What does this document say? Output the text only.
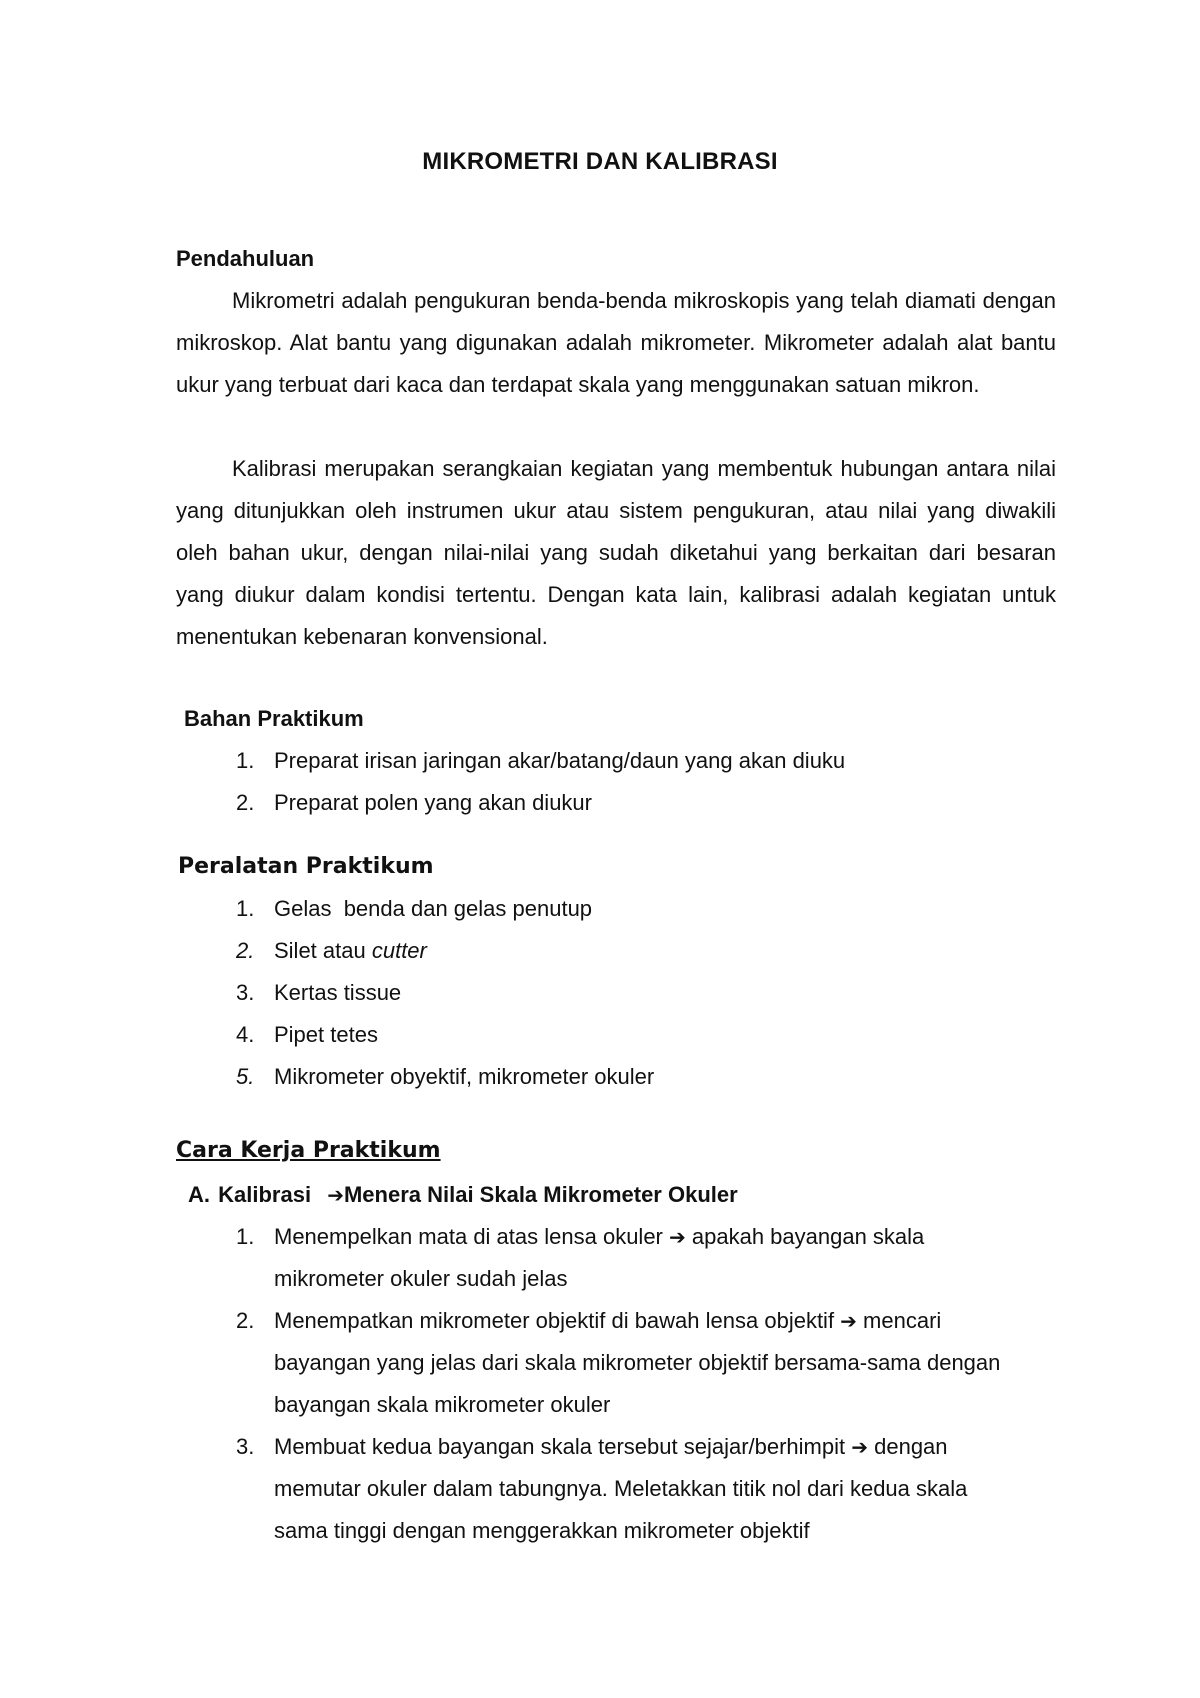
MIKROMETRI DAN KALIBRASI
Pendahuluan

Mikrometri adalah pengukuran benda-benda mikroskopis yang telah diamati dengan mikroskop. Alat bantu yang digunakan adalah mikrometer. Mikrometer adalah alat bantu ukur yang terbuat dari kaca dan terdapat skala yang menggunakan satuan mikron.

Kalibrasi merupakan serangkaian kegiatan yang membentuk hubungan antara nilai yang ditunjukkan oleh instrumen ukur atau sistem pengukuran, atau nilai yang diwakili oleh bahan ukur, dengan nilai-nilai yang sudah diketahui yang berkaitan dari besaran yang diukur dalam kondisi tertentu. Dengan kata lain, kalibrasi adalah kegiatan untuk menentukan kebenaran konvensional.

Bahan Praktikum
1. Preparat irisan jaringan akar/batang/daun yang akan diuku
2. Preparat polen yang akan diukur
Peralatan Praktikum
1. Gelas  benda dan gelas penutup
2. Silet atau cutter
3. Kertas tissue
4. Pipet tetes
5. Mikrometer obyektif, mikrometer okuler
Cara Kerja Praktikum
A. Kalibrasi ➔Menera Nilai Skala Mikrometer Okuler
1. Menempelkan mata di atas lensa okuler ➔ apakah bayangan skala mikrometer okuler sudah jelas
2. Menempatkan mikrometer objektif di bawah lensa objektif ➔ mencari bayangan yang jelas dari skala mikrometer objektif bersama-sama dengan bayangan skala mikrometer okuler
3. Membuat kedua bayangan skala tersebut sejajar/berhimpit ➔ dengan memutar okuler dalam tabungnya. Meletakkan titik nol dari kedua skala sama tinggi dengan menggerakkan mikrometer objektif
